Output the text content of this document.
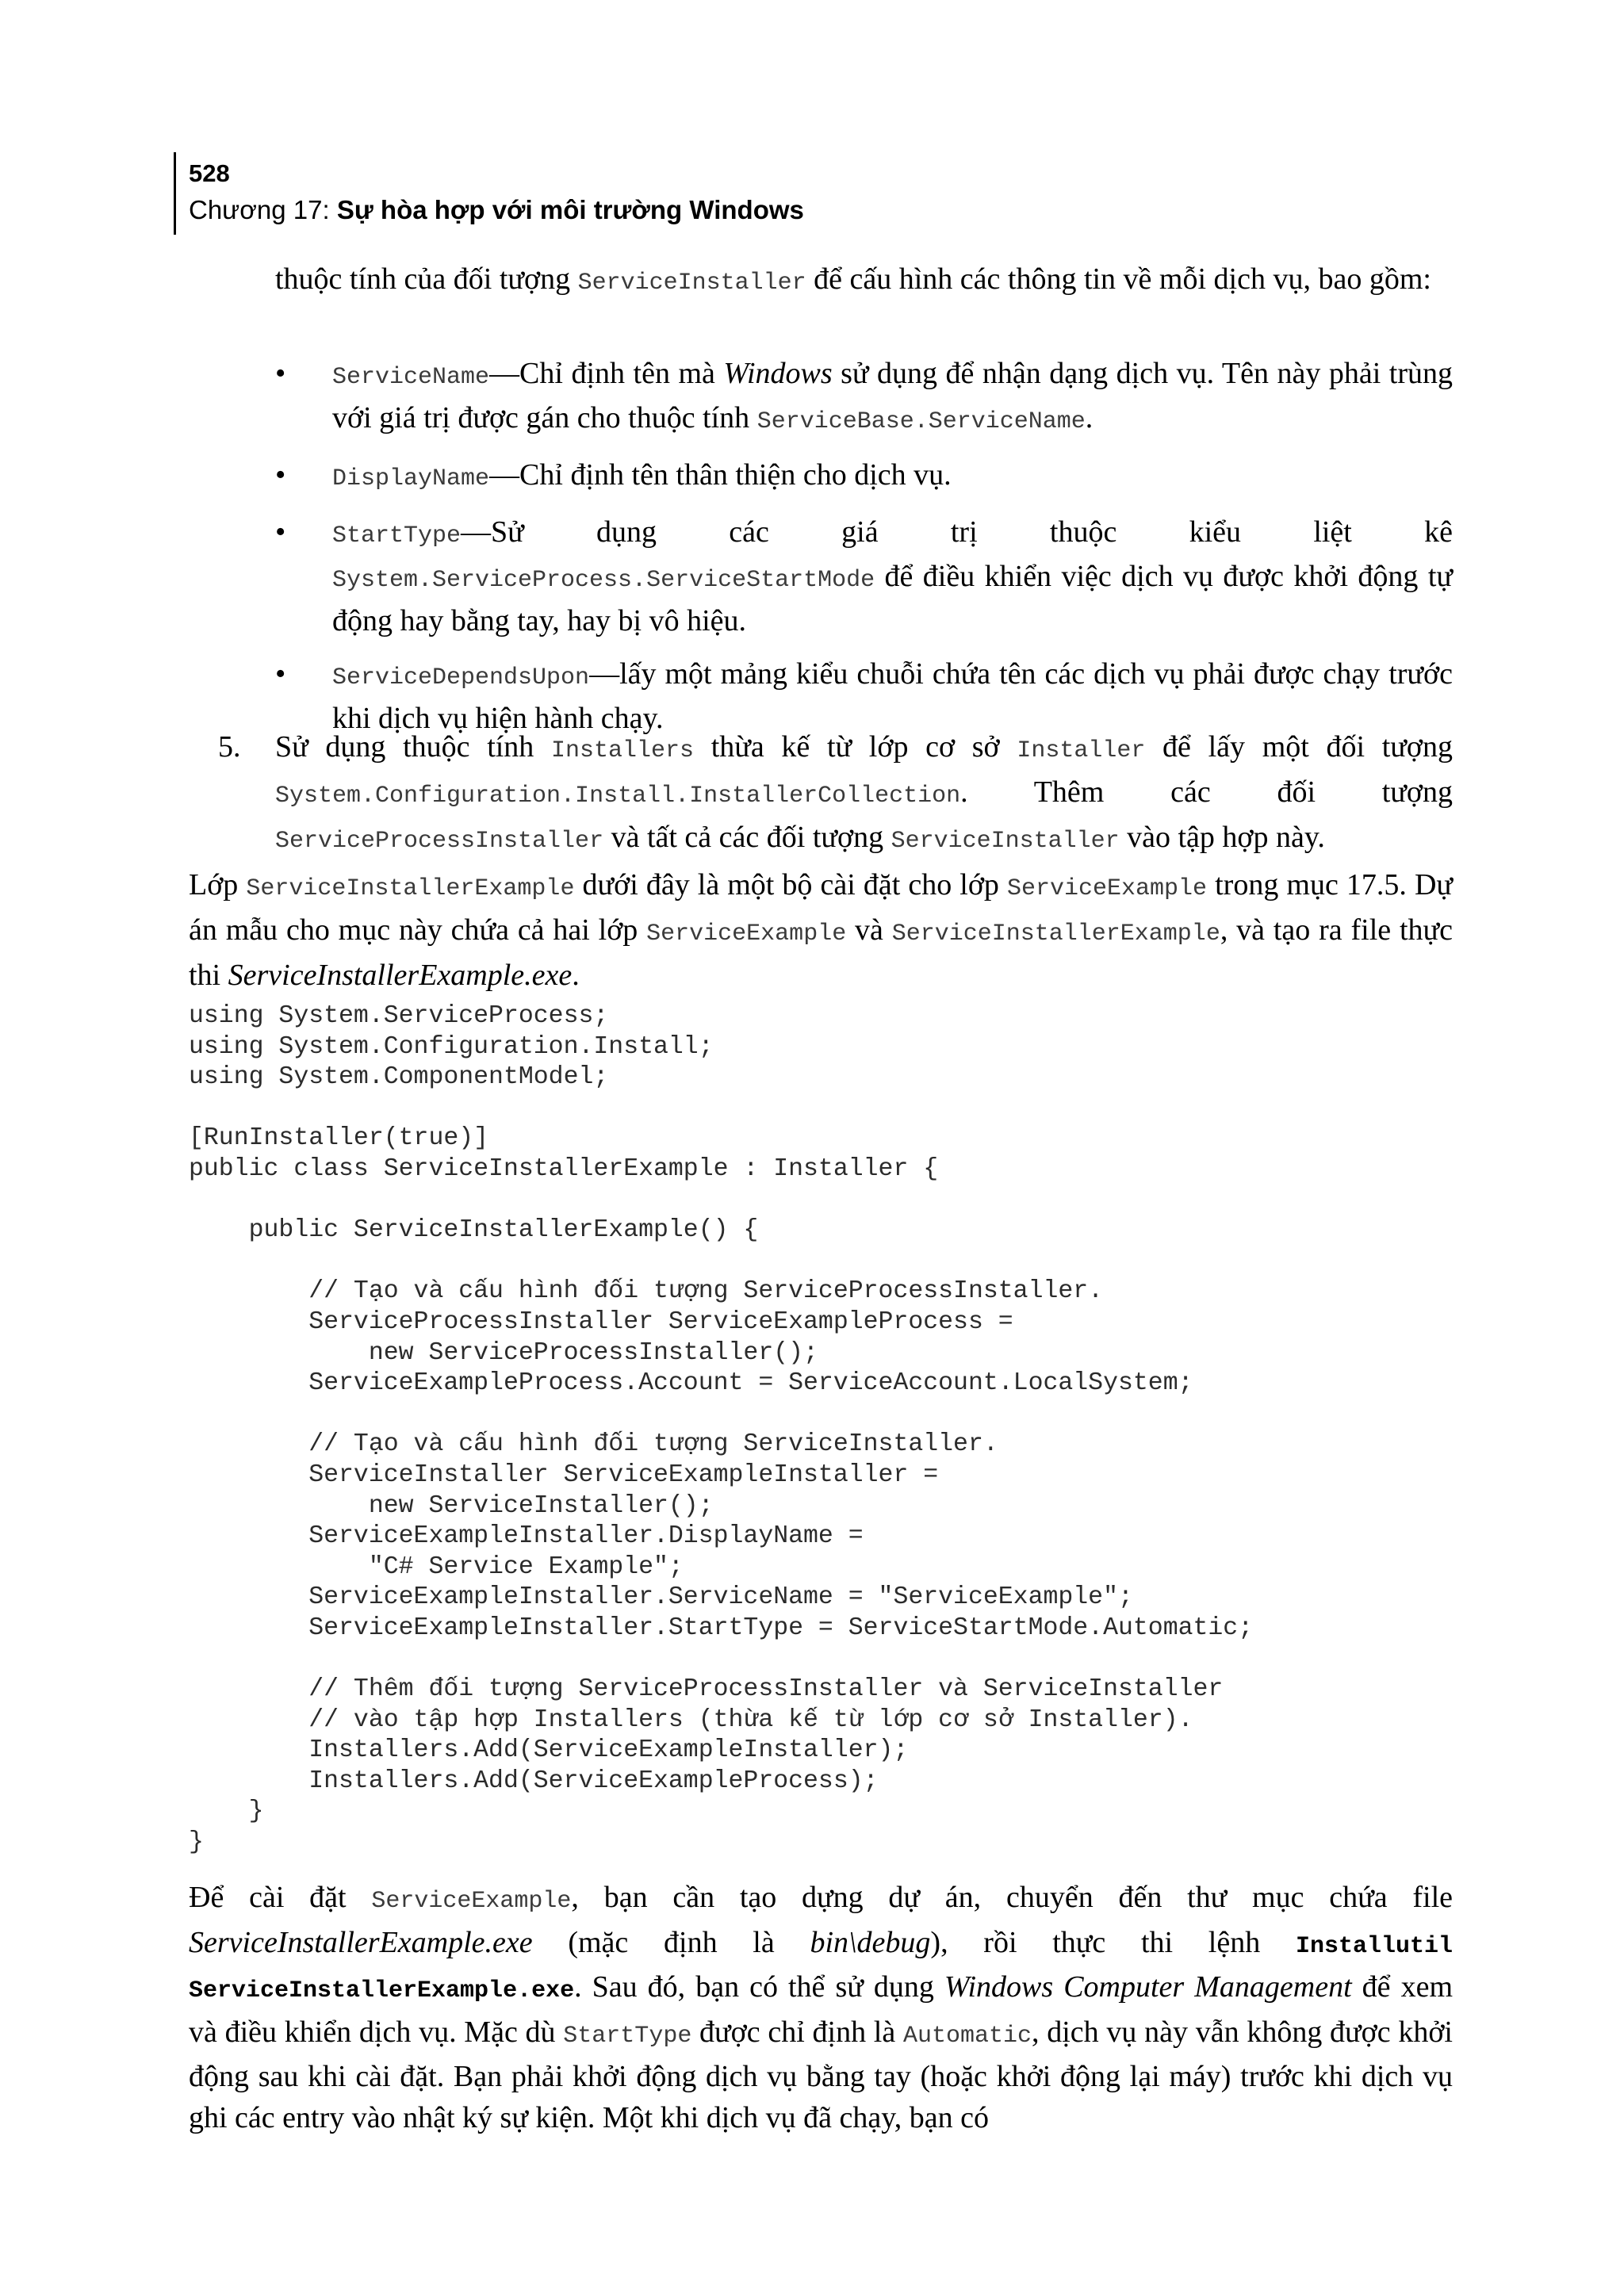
528
Chương 17: Sự hòa hợp với môi trường Windows

thuộc tính của đối tượng ServiceInstaller để cấu hình các thông tin về mỗi dịch vụ, bao gồm:

• ServiceName—Chỉ định tên mà Windows sử dụng để nhận dạng dịch vụ. Tên này phải trùng với giá trị được gán cho thuộc tính ServiceBase.ServiceName.
• DisplayName—Chỉ định tên thân thiện cho dịch vụ.
• StartType—Sử dụng các giá trị thuộc kiểu liệt kê System.ServiceProcess.ServiceStartMode để điều khiển việc dịch vụ được khởi động tự động hay bằng tay, hay bị vô hiệu.
• ServiceDependsUpon—lấy một mảng kiểu chuỗi chứa tên các dịch vụ phải được chạy trước khi dịch vụ hiện hành chạy.
5. Sử dụng thuộc tính Installers thừa kế từ lớp cơ sở Installer để lấy một đối tượng System.Configuration.Install.InstallerCollection. Thêm các đối tượng ServiceProcessInstaller và tất cả các đối tượng ServiceInstaller vào tập hợp này.

Lớp ServiceInstallerExample dưới đây là một bộ cài đặt cho lớp ServiceExample trong mục 17.5. Dự án mẫu cho mục này chứa cả hai lớp ServiceExample và ServiceInstallerExample, và tạo ra file thực thi ServiceInstallerExample.exe.

using System.ServiceProcess;
using System.Configuration.Install;
using System.ComponentModel;

[RunInstaller(true)]
public class ServiceInstallerExample : Installer {

public ServiceInstallerExample() {

// Tạo và cấu hình đối tượng ServiceProcessInstaller.
ServiceProcessInstaller ServiceExampleProcess =
new ServiceProcessInstaller();
ServiceExampleProcess.Account = ServiceAccount.LocalSystem;

// Tạo và cấu hình đối tượng ServiceInstaller.
ServiceInstaller ServiceExampleInstaller =
new ServiceInstaller();
ServiceExampleInstaller.DisplayName =
"C# Service Example";
ServiceExampleInstaller.ServiceName = "ServiceExample";
ServiceExampleInstaller.StartType = ServiceStartMode.Automatic;

// Thêm đối tượng ServiceProcessInstaller và ServiceInstaller
// vào tập hợp Installers (thừa kế từ lớp cơ sở Installer).
Installers.Add(ServiceExampleInstaller);
Installers.Add(ServiceExampleProcess);
}
}

Để cài đặt ServiceExample, bạn cần tạo dựng dự án, chuyển đến thư mục chứa file ServiceInstallerExample.exe (mặc định là bin\debug), rồi thực thi lệnh Installutil ServiceInstallerExample.exe. Sau đó, bạn có thể sử dụng Windows Computer Management để xem và điều khiển dịch vụ. Mặc dù StartType được chỉ định là Automatic, dịch vụ này vẫn không được khởi động sau khi cài đặt. Bạn phải khởi động dịch vụ bằng tay (hoặc khởi động lại máy) trước khi dịch vụ ghi các entry vào nhật ký sự kiện. Một khi dịch vụ đã chạy, bạn có
